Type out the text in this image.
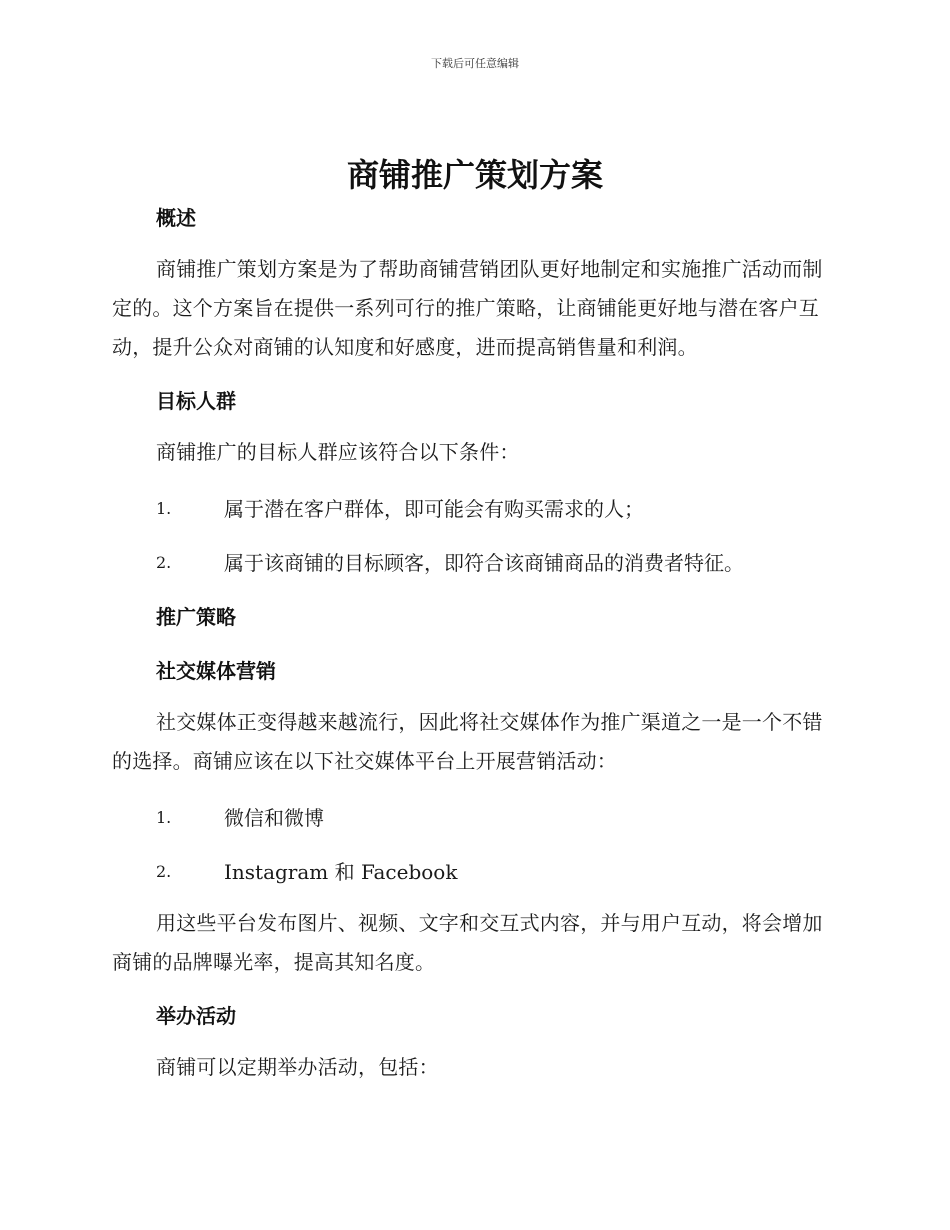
下载后可任意编辑
商铺推广策划方案
概述

商铺推广策划方案是为了帮助商铺营销团队更好地制定和实施推广活动而制定的。这个方案旨在提供一系列可行的推广策略，让商铺能更好地与潜在客户互动，提升公众对商铺的认知度和好感度，进而提高销售量和利润。

目标人群

商铺推广的目标人群应该符合以下条件：

1.	属于潜在客户群体，即可能会有购买需求的人；
2.	属于该商铺的目标顾客，即符合该商铺商品的消费者特征。
推广策略
社交媒体营销

社交媒体正变得越来越流行，因此将社交媒体作为推广渠道之一是一个不错的选择。商铺应该在以下社交媒体平台上开展营销活动：

1.	微信和微博
2.	Instagram 和 Facebook

用这些平台发布图片、视频、文字和交互式内容，并与用户互动，将会增加商铺的品牌曝光率，提高其知名度。

举办活动

商铺可以定期举办活动，包括：
